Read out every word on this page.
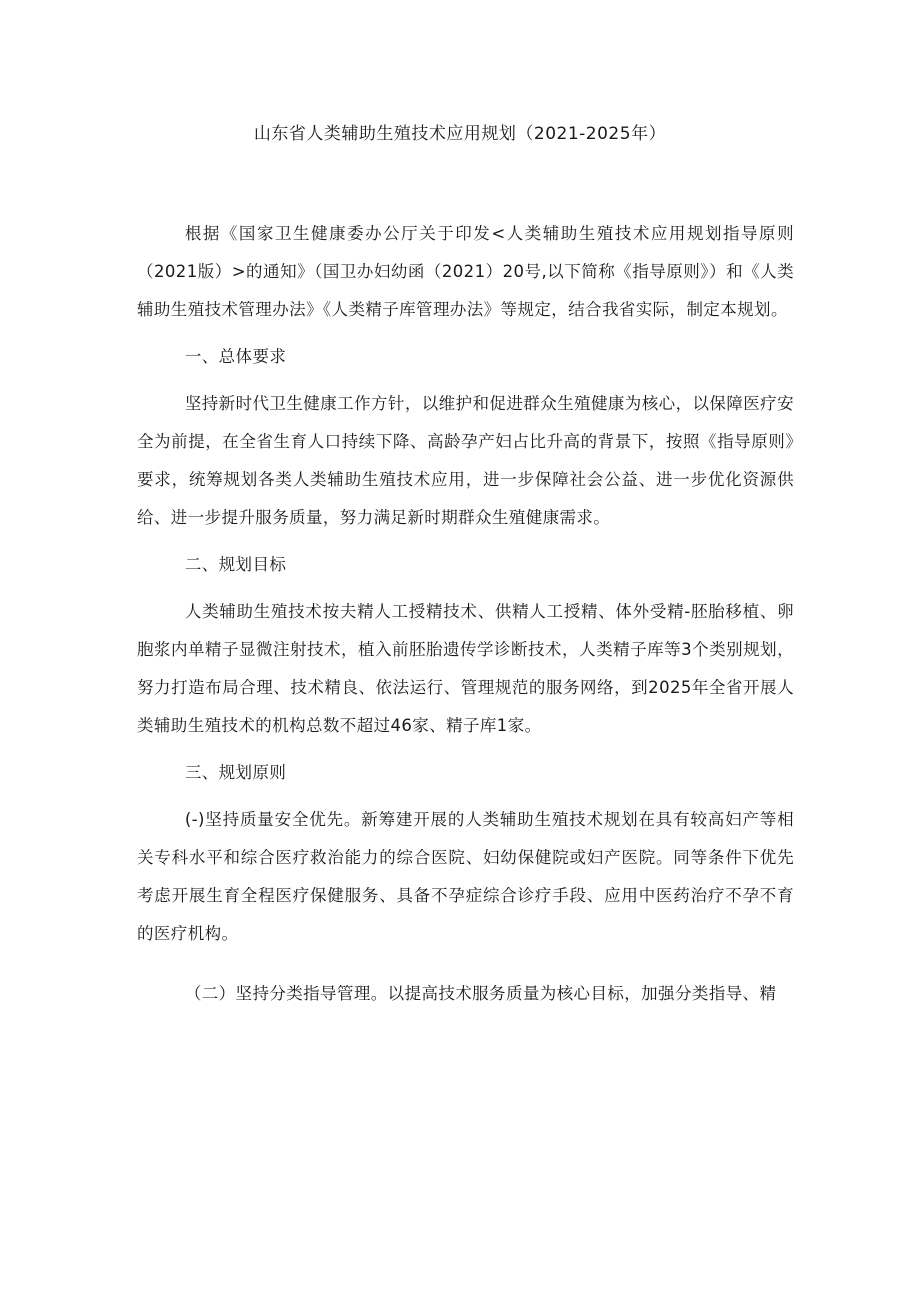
山东省人类辅助生殖技术应用规划（2021-2025年）

根据《国家卫生健康委办公厅关于印发<人类辅助生殖技术应用规划指导原则（2021版）>的通知》（国卫办妇幼函（2021）20号,以下简称《指导原则》）和《人类辅助生殖技术管理办法》《人类精子库管理办法》等规定，结合我省实际，制定本规划。

一、总体要求

坚持新时代卫生健康工作方针，以维护和促进群众生殖健康为核心，以保障医疗安全为前提，在全省生育人口持续下降、高龄孕产妇占比升高的背景下，按照《指导原则》要求，统筹规划各类人类辅助生殖技术应用，进一步保障社会公益、进一步优化资源供给、进一步提升服务质量，努力满足新时期群众生殖健康需求。

二、规划目标

人类辅助生殖技术按夫精人工授精技术、供精人工授精、体外受精-胚胎移植、卵胞浆内单精子显微注射技术，植入前胚胎遗传学诊断技术，人类精子库等3个类别规划，努力打造布局合理、技术精良、依法运行、管理规范的服务网络，到2025年全省开展人类辅助生殖技术的机构总数不超过46家、精子库1家。

三、规划原则

(-)坚持质量安全优先。新筹建开展的人类辅助生殖技术规划在具有较高妇产等相关专科水平和综合医疗救治能力的综合医院、妇幼保健院或妇产医院。同等条件下优先考虑开展生育全程医疗保健服务、具备不孕症综合诊疗手段、应用中医药治疗不孕不育的医疗机构。

（二）坚持分类指导管理。以提高技术服务质量为核心目标，加强分类指导、精
